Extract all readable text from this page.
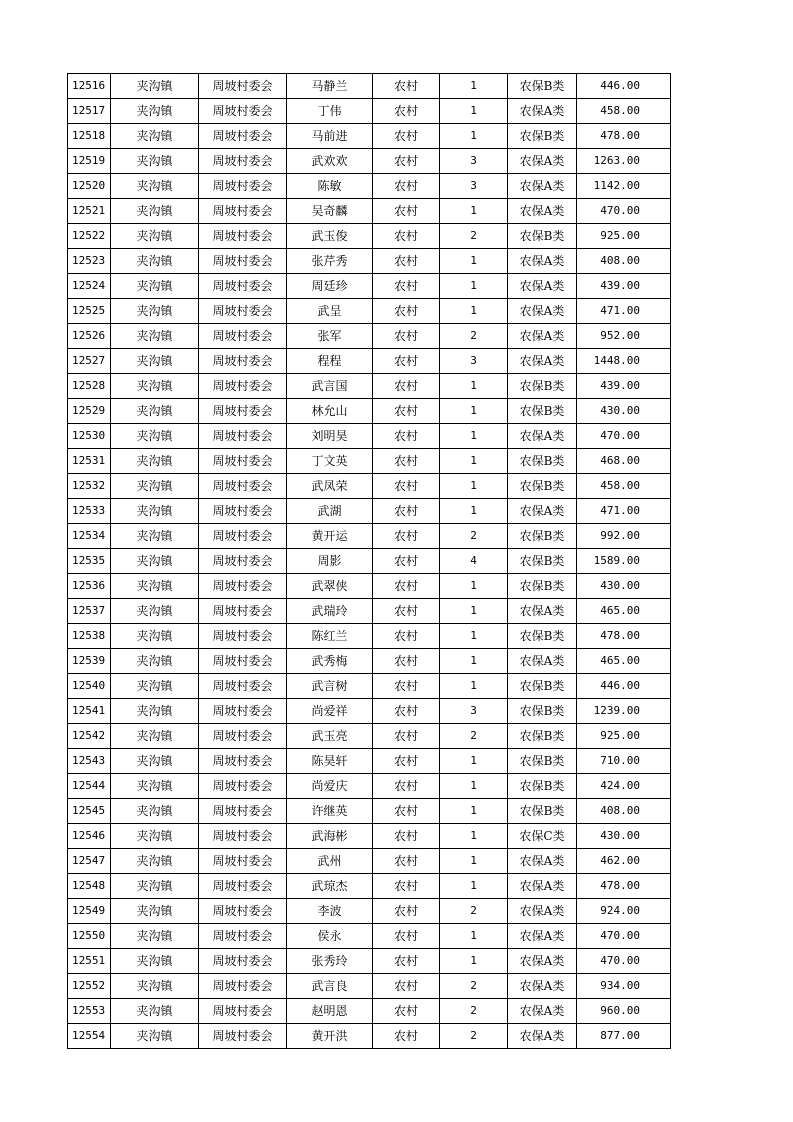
12516	夹沟镇	周坡村委会	马静兰	农村	1	农保B类	446.00
12517	夹沟镇	周坡村委会	丁伟	农村	1	农保A类	458.00
12518	夹沟镇	周坡村委会	马前进	农村	1	农保B类	478.00
12519	夹沟镇	周坡村委会	武欢欢	农村	3	农保A类	1263.00
12520	夹沟镇	周坡村委会	陈敏	农村	3	农保A类	1142.00
12521	夹沟镇	周坡村委会	吴奇麟	农村	1	农保A类	470.00
12522	夹沟镇	周坡村委会	武玉俊	农村	2	农保B类	925.00
12523	夹沟镇	周坡村委会	张芹秀	农村	1	农保A类	408.00
12524	夹沟镇	周坡村委会	周廷珍	农村	1	农保A类	439.00
12525	夹沟镇	周坡村委会	武呈	农村	1	农保A类	471.00
12526	夹沟镇	周坡村委会	张军	农村	2	农保A类	952.00
12527	夹沟镇	周坡村委会	程程	农村	3	农保A类	1448.00
12528	夹沟镇	周坡村委会	武言国	农村	1	农保B类	439.00
12529	夹沟镇	周坡村委会	林允山	农村	1	农保B类	430.00
12530	夹沟镇	周坡村委会	刘明昊	农村	1	农保A类	470.00
12531	夹沟镇	周坡村委会	丁文英	农村	1	农保B类	468.00
12532	夹沟镇	周坡村委会	武凤荣	农村	1	农保B类	458.00
12533	夹沟镇	周坡村委会	武湖	农村	1	农保A类	471.00
12534	夹沟镇	周坡村委会	黄开运	农村	2	农保B类	992.00
12535	夹沟镇	周坡村委会	周影	农村	4	农保B类	1589.00
12536	夹沟镇	周坡村委会	武翠侠	农村	1	农保B类	430.00
12537	夹沟镇	周坡村委会	武瑞玲	农村	1	农保A类	465.00
12538	夹沟镇	周坡村委会	陈红兰	农村	1	农保B类	478.00
12539	夹沟镇	周坡村委会	武秀梅	农村	1	农保A类	465.00
12540	夹沟镇	周坡村委会	武言树	农村	1	农保B类	446.00
12541	夹沟镇	周坡村委会	尚爱祥	农村	3	农保B类	1239.00
12542	夹沟镇	周坡村委会	武玉亮	农村	2	农保B类	925.00
12543	夹沟镇	周坡村委会	陈昊轩	农村	1	农保B类	710.00
12544	夹沟镇	周坡村委会	尚爱庆	农村	1	农保B类	424.00
12545	夹沟镇	周坡村委会	许继英	农村	1	农保B类	408.00
12546	夹沟镇	周坡村委会	武海彬	农村	1	农保C类	430.00
12547	夹沟镇	周坡村委会	武州	农村	1	农保A类	462.00
12548	夹沟镇	周坡村委会	武琼杰	农村	1	农保A类	478.00
12549	夹沟镇	周坡村委会	李波	农村	2	农保A类	924.00
12550	夹沟镇	周坡村委会	侯永	农村	1	农保A类	470.00
12551	夹沟镇	周坡村委会	张秀玲	农村	1	农保A类	470.00
12552	夹沟镇	周坡村委会	武言良	农村	2	农保A类	934.00
12553	夹沟镇	周坡村委会	赵明恩	农村	2	农保A类	960.00
12554	夹沟镇	周坡村委会	黄开洪	农村	2	农保A类	877.00
